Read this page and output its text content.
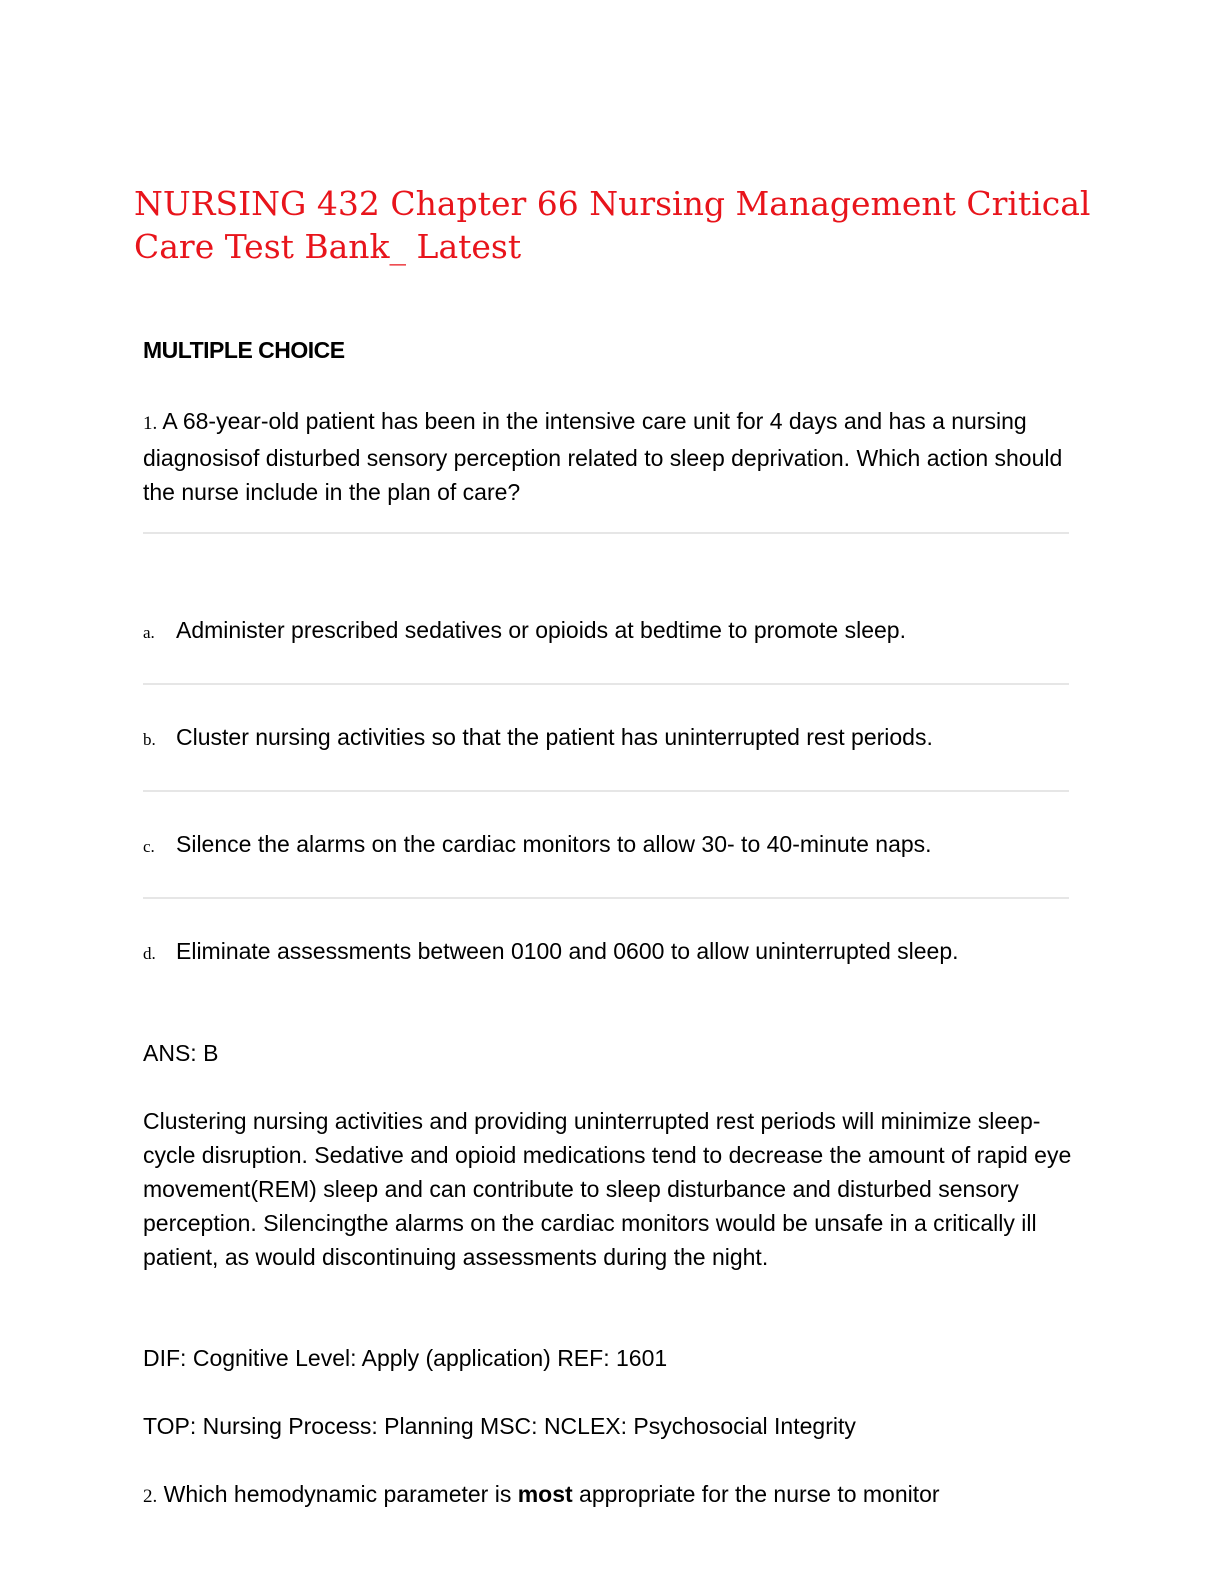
NURSING 432 Chapter 66 Nursing Management Critical Care Test Bank_ Latest
MULTIPLE CHOICE
1. A 68-year-old patient has been in the intensive care unit for 4 days and has a nursing diagnosisof disturbed sensory perception related to sleep deprivation. Which action should the nurse include in the plan of care?
a. Administer prescribed sedatives or opioids at bedtime to promote sleep.
b. Cluster nursing activities so that the patient has uninterrupted rest periods.
c. Silence the alarms on the cardiac monitors to allow 30- to 40-minute naps.
d. Eliminate assessments between 0100 and 0600 to allow uninterrupted sleep.
ANS: B
Clustering nursing activities and providing uninterrupted rest periods will minimize sleep-cycle disruption. Sedative and opioid medications tend to decrease the amount of rapid eye movement(REM) sleep and can contribute to sleep disturbance and disturbed sensory perception. Silencingthe alarms on the cardiac monitors would be unsafe in a critically ill patient, as would discontinuing assessments during the night.
DIF: Cognitive Level: Apply (application) REF: 1601
TOP: Nursing Process: Planning MSC: NCLEX: Psychosocial Integrity
2. Which hemodynamic parameter is most appropriate for the nurse to monitor
